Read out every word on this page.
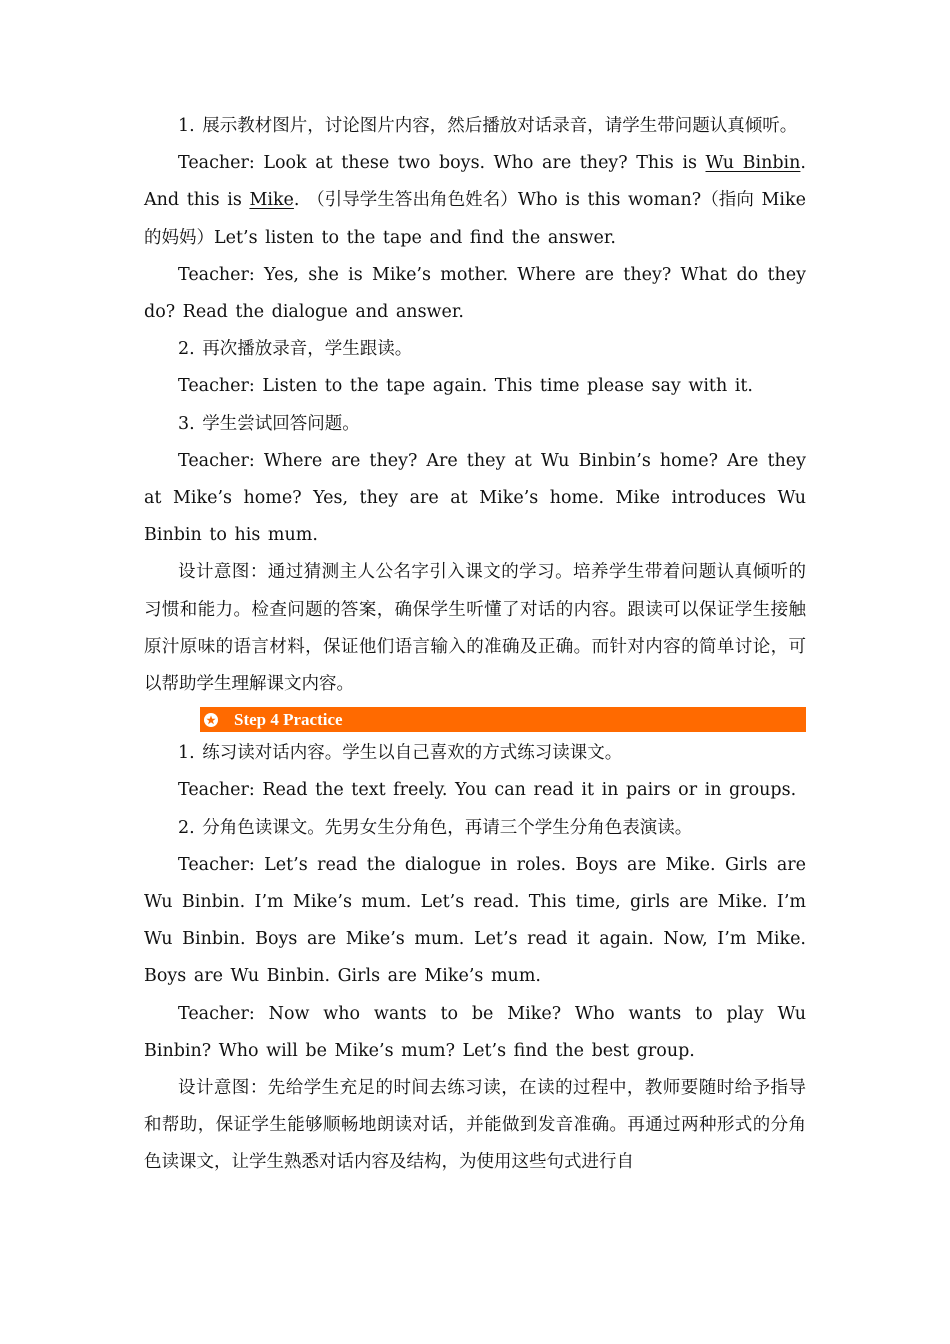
1. 展示教材图片，讨论图片内容，然后播放对话录音，请学生带问题认真倾听。

Teacher: Look at these two boys. Who are they? This is Wu Binbin. And this is Mike. （引导学生答出角色姓名）Who is this woman?（指向 Mike 的妈妈）Let’s listen to the tape and find the answer.

Teacher: Yes, she is Mike’s mother. Where are they? What do they do? Read the dialogue and answer.

2. 再次播放录音，学生跟读。

Teacher: Listen to the tape again. This time please say with it.

3. 学生尝试回答问题。

Teacher: Where are they? Are they at Wu Binbin’s home? Are they at Mike’s home? Yes, they are at Mike’s home. Mike introduces Wu Binbin to his mum.

设计意图：通过猜测主人公名字引入课文的学习。培养学生带着问题认真倾听的习惯和能力。检查问题的答案，确保学生听懂了对话的内容。跟读可以保证学生接触原汁原味的语言材料，保证他们语言输入的准确及正确。而针对内容的简单讨论，可以帮助学生理解课文内容。

Step 4 Practice

1. 练习读对话内容。学生以自己喜欢的方式练习读课文。

Teacher: Read the text freely. You can read it in pairs or in groups.

2. 分角色读课文。先男女生分角色，再请三个学生分角色表演读。

Teacher: Let’s read the dialogue in roles. Boys are Mike. Girls are Wu Binbin. I’m Mike’s mum. Let’s read. This time, girls are Mike. I’m Wu Binbin. Boys are Mike’s mum. Let’s read it again. Now, I’m Mike. Boys are Wu Binbin. Girls are Mike’s mum.

Teacher: Now who wants to be Mike? Who wants to play Wu Binbin? Who will be Mike’s mum? Let’s find the best group.

设计意图：先给学生充足的时间去练习读，在读的过程中，教师要随时给予指导和帮助，保证学生能够顺畅地朗读对话，并能做到发音准确。再通过两种形式的分角色读课文，让学生熟悉对话内容及结构，为使用这些句式进行自
